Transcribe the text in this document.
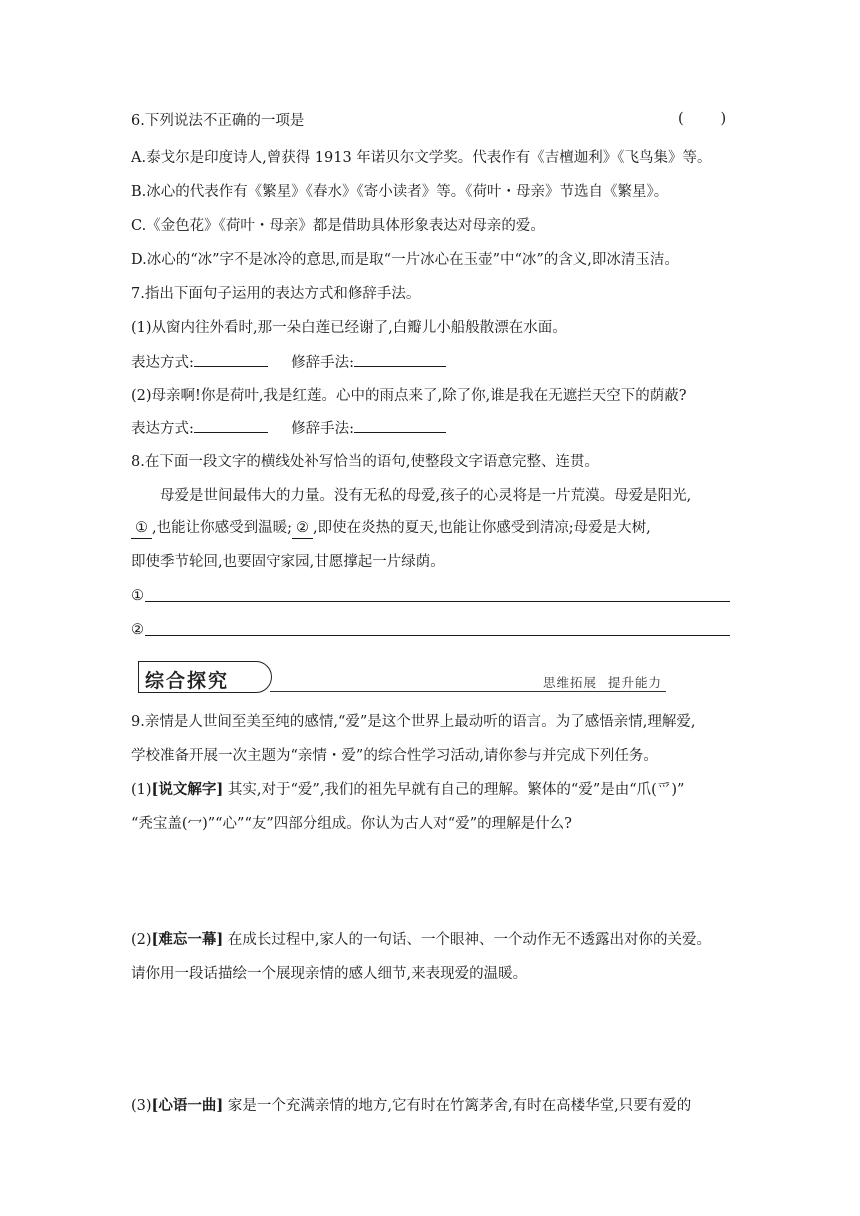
6.下列说法不正确的一项是	(        )
A.泰戈尔是印度诗人,曾获得 1913 年诺贝尔文学奖。代表作有《吉檀迦利》《飞鸟集》等。
B.冰心的代表作有《繁星》《春水》《寄小读者》等。《荷叶・母亲》节选自《繁星》。
C.《金色花》《荷叶・母亲》都是借助具体形象表达对母亲的爱。
D.冰心的“冰”字不是冰冷的意思,而是取“一片冰心在玉壶”中“冰”的含义,即冰清玉洁。
7.指出下面句子运用的表达方式和修辞手法。
(1)从窗内往外看时,那一朵白莲已经谢了,白瓣儿小船般散漂在水面。
表达方式:	修辞手法:
(2)母亲啊!你是荷叶,我是红莲。心中的雨点来了,除了你,谁是我在无遮拦天空下的荫蔽?
表达方式:	修辞手法:
8.在下面一段文字的横线处补写恰当的语句,使整段文字语意完整、连贯。
母爱是世间最伟大的力量。没有无私的母爱,孩子的心灵将是一片荒漠。母爱是阳光,
① ,也能让你感受到温暖; ② ,即使在炎热的夏天,也能让你感受到清凉;母爱是大树,
即使季节轮回,也要固守家园,甘愿撑起一片绿荫。
①
②
综合探究	思维拓展 提升能力
9.亲情是人世间至美至纯的感情,“爱”是这个世界上最动听的语言。为了感悟亲情,理解爱,
学校准备开展一次主题为“亲情・爱”的综合性学习活动,请你参与并完成下列任务。
(1)[说文解字] 其实,对于“爱”,我们的祖先早就有自己的理解。繁体的“爱”是由“爪(爫)”
“秃宝盖(冖)”“心”“友”四部分组成。你认为古人对“爱”的理解是什么?
(2)[难忘一幕] 在成长过程中,家人的一句话、一个眼神、一个动作无不透露出对你的关爱。
请你用一段话描绘一个展现亲情的感人细节,来表现爱的温暖。
(3)[心语一曲] 家是一个充满亲情的地方,它有时在竹篱茅舍,有时在高楼华堂,只要有爱的
